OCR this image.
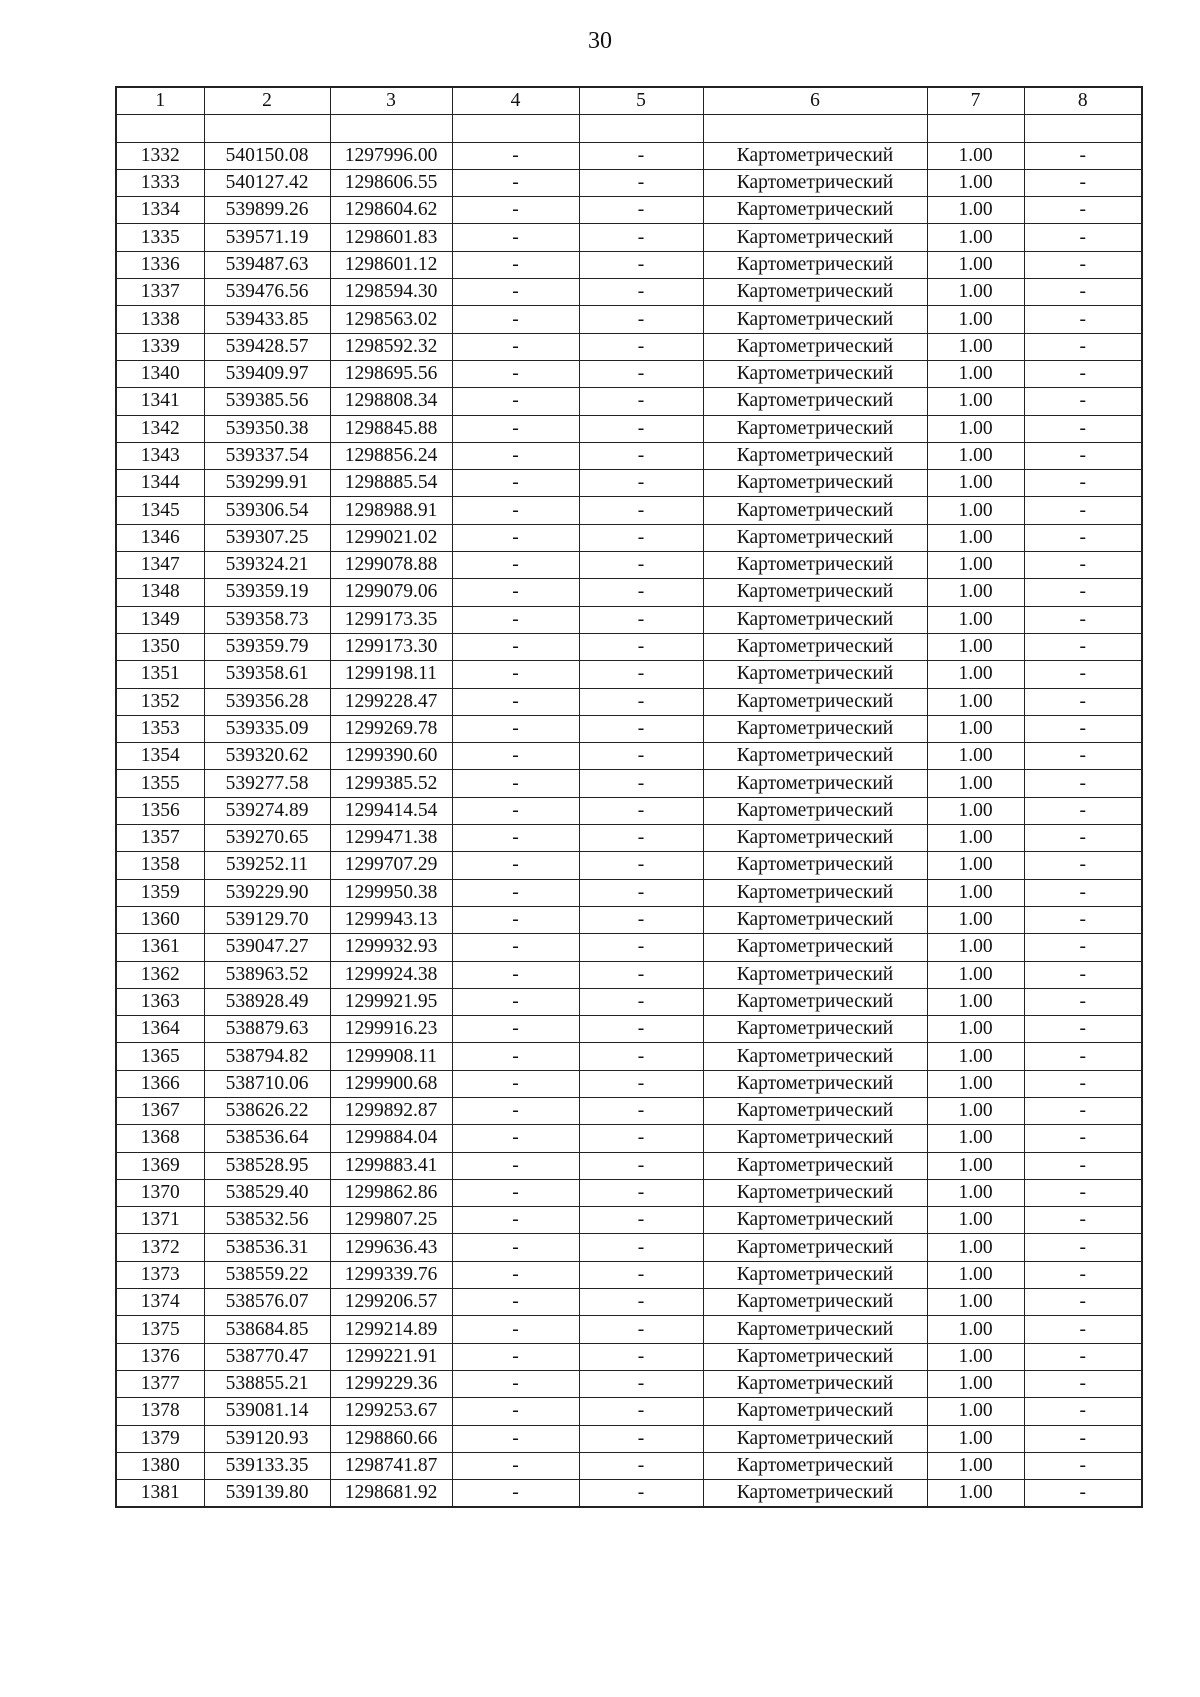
30
1	2	3	4	5	6	7	8

1332	540150.08	1297996.00	-	-	Картометрический	1.00	-
1333	540127.42	1298606.55	-	-	Картометрический	1.00	-
1334	539899.26	1298604.62	-	-	Картометрический	1.00	-
1335	539571.19	1298601.83	-	-	Картометрический	1.00	-
1336	539487.63	1298601.12	-	-	Картометрический	1.00	-
1337	539476.56	1298594.30	-	-	Картометрический	1.00	-
1338	539433.85	1298563.02	-	-	Картометрический	1.00	-
1339	539428.57	1298592.32	-	-	Картометрический	1.00	-
1340	539409.97	1298695.56	-	-	Картометрический	1.00	-
1341	539385.56	1298808.34	-	-	Картометрический	1.00	-
1342	539350.38	1298845.88	-	-	Картометрический	1.00	-
1343	539337.54	1298856.24	-	-	Картометрический	1.00	-
1344	539299.91	1298885.54	-	-	Картометрический	1.00	-
1345	539306.54	1298988.91	-	-	Картометрический	1.00	-
1346	539307.25	1299021.02	-	-	Картометрический	1.00	-
1347	539324.21	1299078.88	-	-	Картометрический	1.00	-
1348	539359.19	1299079.06	-	-	Картометрический	1.00	-
1349	539358.73	1299173.35	-	-	Картометрический	1.00	-
1350	539359.79	1299173.30	-	-	Картометрический	1.00	-
1351	539358.61	1299198.11	-	-	Картометрический	1.00	-
1352	539356.28	1299228.47	-	-	Картометрический	1.00	-
1353	539335.09	1299269.78	-	-	Картометрический	1.00	-
1354	539320.62	1299390.60	-	-	Картометрический	1.00	-
1355	539277.58	1299385.52	-	-	Картометрический	1.00	-
1356	539274.89	1299414.54	-	-	Картометрический	1.00	-
1357	539270.65	1299471.38	-	-	Картометрический	1.00	-
1358	539252.11	1299707.29	-	-	Картометрический	1.00	-
1359	539229.90	1299950.38	-	-	Картометрический	1.00	-
1360	539129.70	1299943.13	-	-	Картометрический	1.00	-
1361	539047.27	1299932.93	-	-	Картометрический	1.00	-
1362	538963.52	1299924.38	-	-	Картометрический	1.00	-
1363	538928.49	1299921.95	-	-	Картометрический	1.00	-
1364	538879.63	1299916.23	-	-	Картометрический	1.00	-
1365	538794.82	1299908.11	-	-	Картометрический	1.00	-
1366	538710.06	1299900.68	-	-	Картометрический	1.00	-
1367	538626.22	1299892.87	-	-	Картометрический	1.00	-
1368	538536.64	1299884.04	-	-	Картометрический	1.00	-
1369	538528.95	1299883.41	-	-	Картометрический	1.00	-
1370	538529.40	1299862.86	-	-	Картометрический	1.00	-
1371	538532.56	1299807.25	-	-	Картометрический	1.00	-
1372	538536.31	1299636.43	-	-	Картометрический	1.00	-
1373	538559.22	1299339.76	-	-	Картометрический	1.00	-
1374	538576.07	1299206.57	-	-	Картометрический	1.00	-
1375	538684.85	1299214.89	-	-	Картометрический	1.00	-
1376	538770.47	1299221.91	-	-	Картометрический	1.00	-
1377	538855.21	1299229.36	-	-	Картометрический	1.00	-
1378	539081.14	1299253.67	-	-	Картометрический	1.00	-
1379	539120.93	1298860.66	-	-	Картометрический	1.00	-
1380	539133.35	1298741.87	-	-	Картометрический	1.00	-
1381	539139.80	1298681.92	-	-	Картометрический	1.00	-
